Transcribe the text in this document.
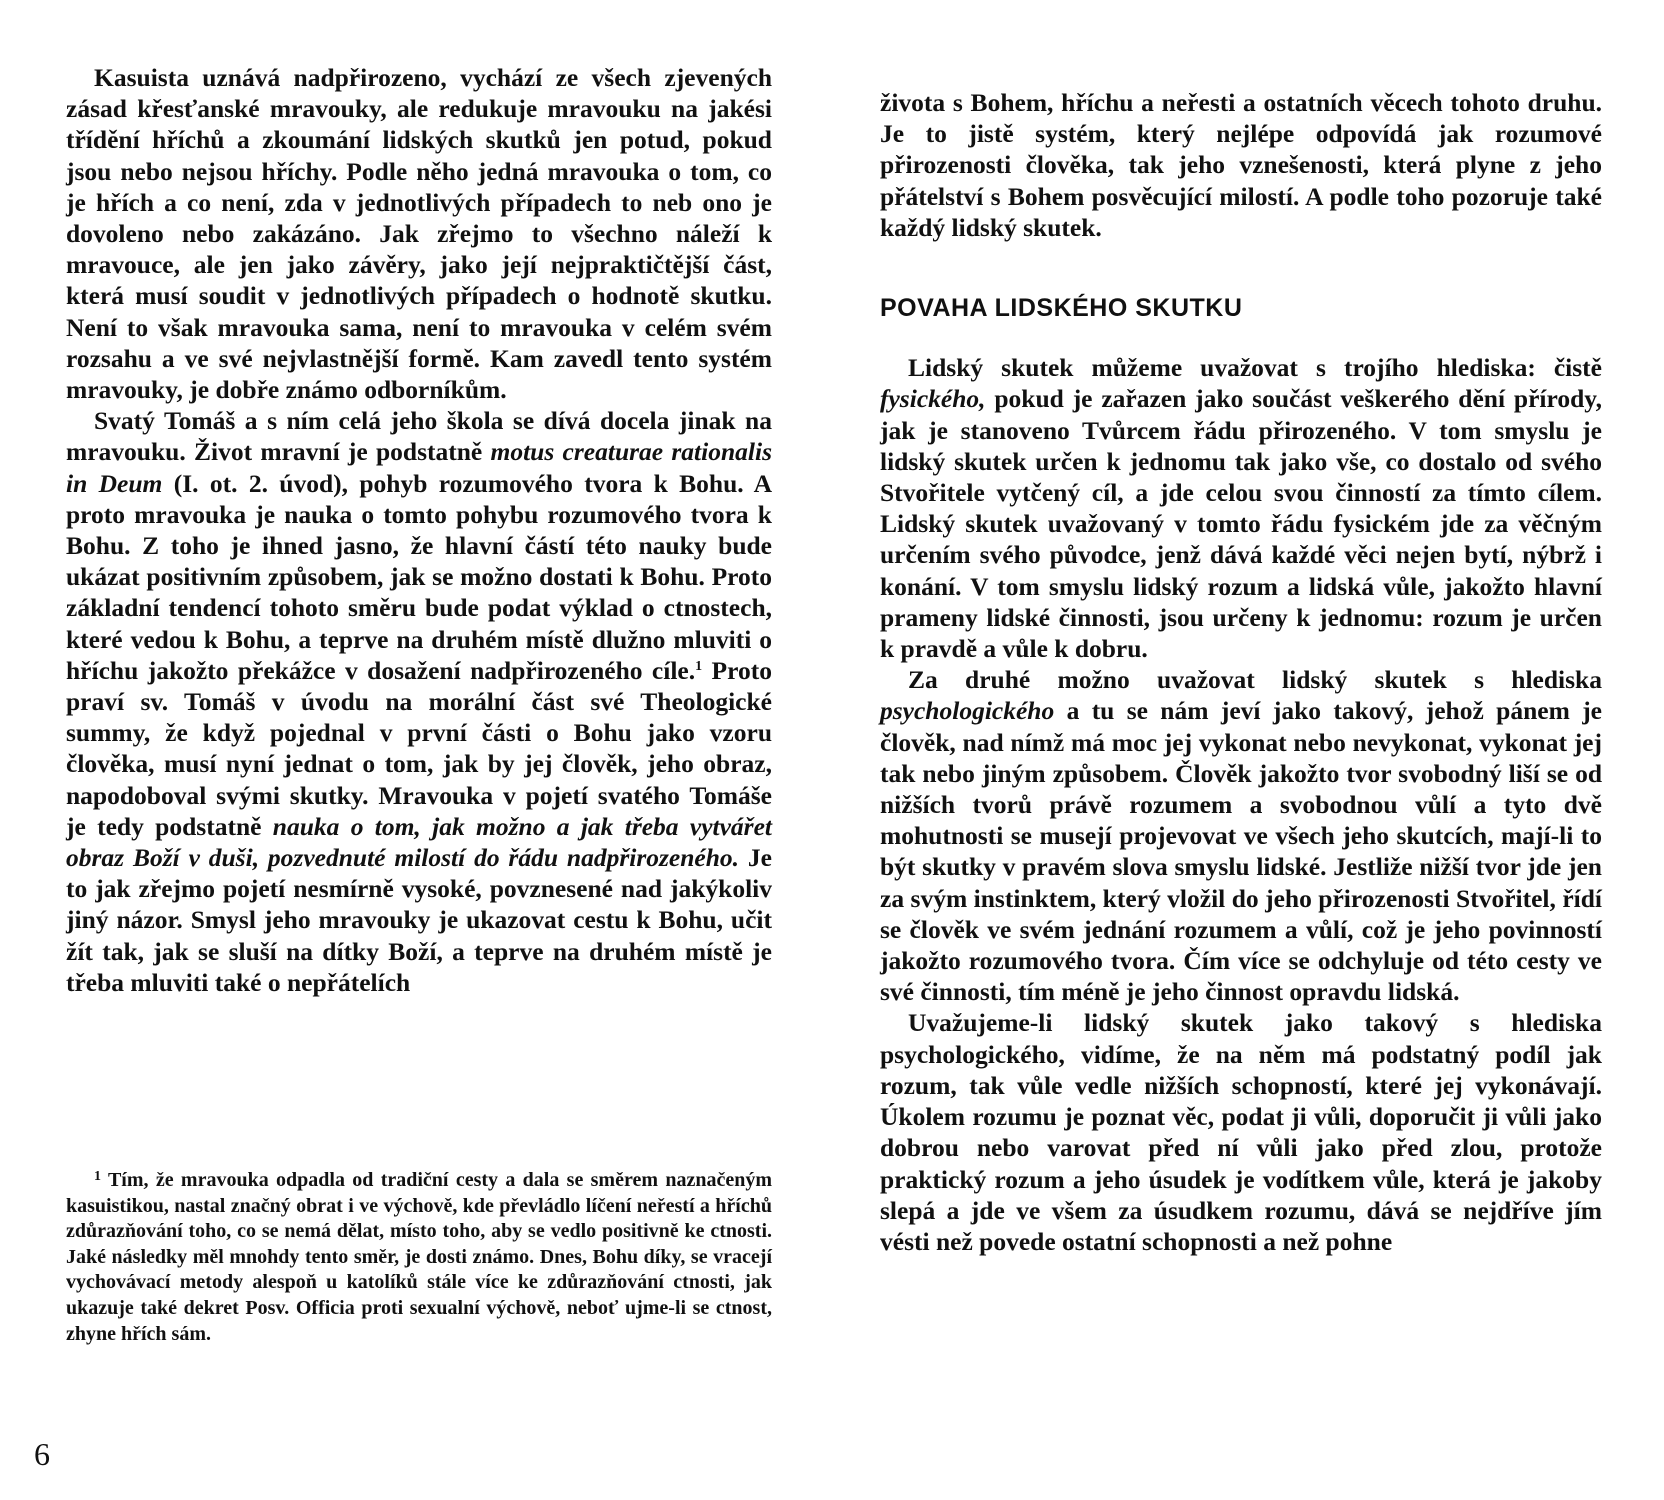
Kasuista uznává nadpřirozeno, vychází ze všech zjevených zásad křesťanské mravouky, ale redukuje mravouku na jakési třídění hříchů a zkoumání lidských skutků jen potud, pokud jsou nebo nejsou hříchy. Podle něho jedná mravouka o tom, co je hřích a co není, zda v jednotlivých případech to neb ono je dovoleno nebo zakázáno. Jak zřejmo to všechno náleží k mravouce, ale jen jako závěry, jako její nejpraktičtější část, která musí soudit v jednotlivých případech o hodnotě skutku. Není to však mravouka sama, není to mravouka v celém svém rozsahu a ve své nejvlastnější formě. Kam zavedl tento systém mravouky, je dobře známo odborníkům.

Svatý Tomáš a s ním celá jeho škola se dívá docela jinak na mravouku. Život mravní je podstatně motus creaturae rationalis in Deum (I. ot. 2. úvod), pohyb rozumového tvora k Bohu. A proto mravouka je nauka o tomto pohybu rozumového tvora k Bohu. Z toho je ihned jasno, že hlavní částí této nauky bude ukázat positivním způsobem, jak se možno dostati k Bohu. Proto základní tendencí tohoto směru bude podat výklad o ctnostech, které vedou k Bohu, a teprve na druhém místě dlužno mluviti o hříchu jakožto překážce v dosažení nadpřirozeného cíle.$^1$ Proto praví sv. Tomáš v úvodu na morální část své Theologické summy, že když pojednal v první části o Bohu jako vzoru člověka, musí nyní jednat o tom, jak by jej člověk, jeho obraz, napodoboval svými skutky. Mravouka v pojetí svatého Tomáše je tedy podstatně nauka o tom, jak možno a jak třeba vytvářet obraz Boží v duši, pozvednuté milostí do řádu nadpřirozeného. Je to jak zřejmo pojetí nesmírně vysoké, povznesené nad jakýkoliv jiný názor. Smysl jeho mravouky je ukazovat cestu k Bohu, učit žít tak, jak se sluší na dítky Boží, a teprve na druhém místě je třeba mluviti také o nepřátelích

$^1$ Tím, že mravouka odpadla od tradiční cesty a dala se směrem naznačeným kasuistikou, nastal značný obrat i ve výchově, kde převládlo líčení neřestí a hříchů zdůrazňování toho, co se nemá dělat, místo toho, aby se vedlo positivně ke ctnosti. Jaké následky měl mnohdy tento směr, je dosti známo. Dnes, Bohu díky, se vracejí vychovávací metody alespoň u katolíků stále více ke zdůrazňování ctnosti, jak ukazuje také dekret Posv. Officia proti sexualní výchově, neboť ujme-li se ctnost, zhyne hřích sám.
6

života s Bohem, hříchu a neřesti a ostatních věcech tohoto druhu. Je to jistě systém, který nejlépe odpovídá jak rozumové přirozenosti člověka, tak jeho vznešenosti, která plyne z jeho přátelství s Bohem posvěcující milostí. A podle toho pozoruje také každý lidský skutek.

POVAHA LIDSKÉHO SKUTKU

Lidský skutek můžeme uvažovat s trojího hlediska: čistě fysického, pokud je zařazen jako součást veškerého dění přírody, jak je stanoveno Tvůrcem řádu přirozeného. V tom smyslu je lidský skutek určen k jednomu tak jako vše, co dostalo od svého Stvořitele vytčený cíl, a jde celou svou činností za tímto cílem. Lidský skutek uvažovaný v tomto řádu fysickém jde za věčným určením svého původce, jenž dává každé věci nejen bytí, nýbrž i konání. V tom smyslu lidský rozum a lidská vůle, jakožto hlavní prameny lidské činnosti, jsou určeny k jednomu: rozum je určen k pravdě a vůle k dobru.

Za druhé možno uvažovat lidský skutek s hlediska psychologického a tu se nám jeví jako takový, jehož pánem je člověk, nad nímž má moc jej vykonat nebo nevykonat, vykonat jej tak nebo jiným způsobem. Člověk jakožto tvor svobodný liší se od nižších tvorů právě rozumem a svobodnou vůlí a tyto dvě mohutnosti se musejí projevovat ve všech jeho skutcích, mají-li to být skutky v pravém slova smyslu lidské. Jestliže nižší tvor jde jen za svým instinktem, který vložil do jeho přirozenosti Stvořitel, řídí se člověk ve svém jednání rozumem a vůlí, což je jeho povinností jakožto rozumového tvora. Čím více se odchyluje od této cesty ve své činnosti, tím méně je jeho činnost opravdu lidská.

Uvažujeme-li lidský skutek jako takový s hlediska psychologického, vidíme, že na něm má podstatný podíl jak rozum, tak vůle vedle nižších schopností, které jej vykonávají. Úkolem rozumu je poznat věc, podat ji vůli, doporučit ji vůli jako dobrou nebo varovat před ní vůli jako před zlou, protože praktický rozum a jeho úsudek je vodítkem vůle, která je jakoby slepá a jde ve všem za úsudkem rozumu, dává se nejdříve jím vésti než povede ostatní schopnosti a než pohne
